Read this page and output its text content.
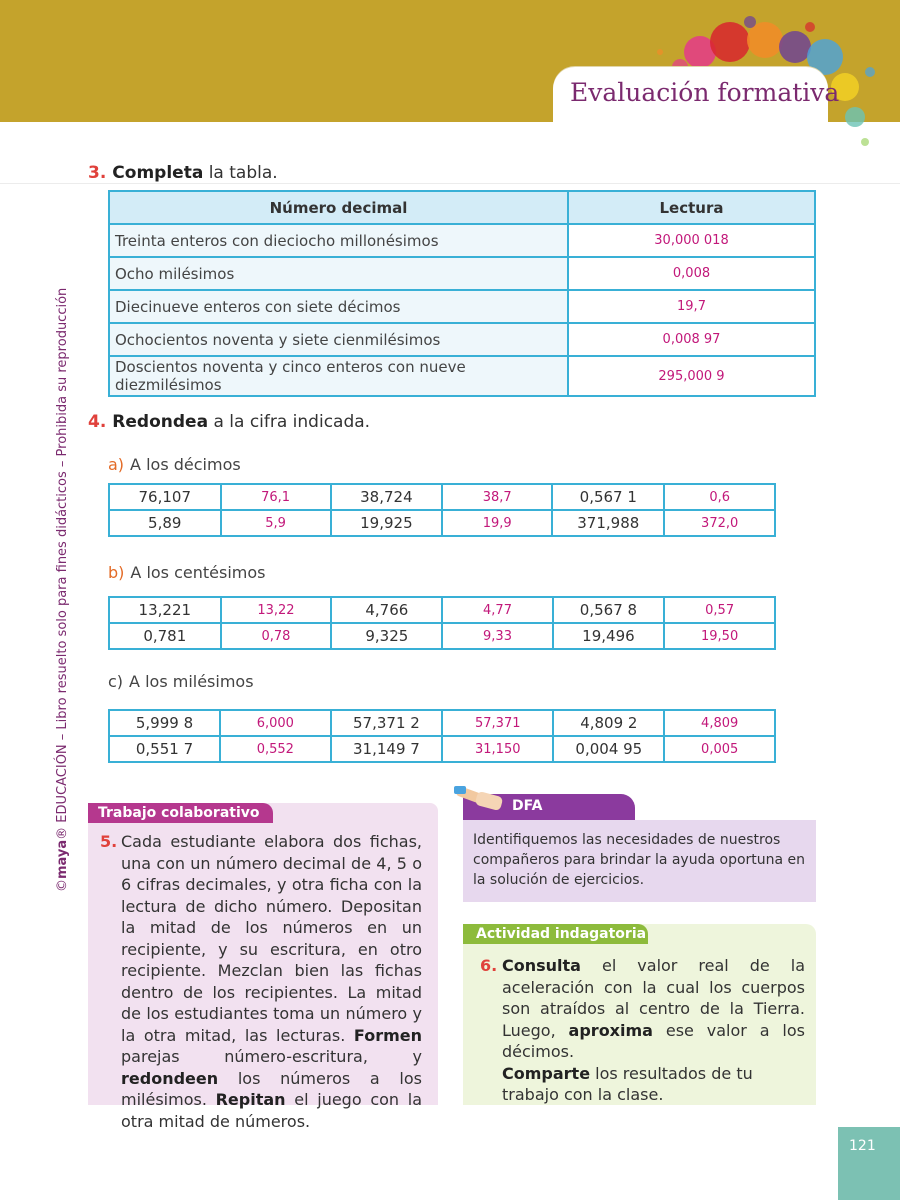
Evaluación formativa
©maya® EDUCACIÓN – Libro resuelto solo para fines didácticos – Prohibida su reproducción
3. Completa la tabla.
Número decimal	Lectura
Treinta enteros con dieciocho millonésimos	30,000 018
Ocho milésimos	0,008
Diecinueve enteros con siete décimos	19,7
Ochocientos noventa y siete cienmilésimos	0,008 97
Doscientos noventa y cinco enteros con nueve diezmilésimos	295,000 9
4. Redondea a la cifra indicada.
a) A los décimos
76,107	76,1	38,724	38,7	0,567 1	0,6
5,89	5,9	19,925	19,9	371,988	372,0
b) A los centésimos
13,221	13,22	4,766	4,77	0,567 8	0,57
0,781	0,78	9,325	9,33	19,496	19,50
c) A los milésimos
5,999 8	6,000	57,371 2	57,371	4,809 2	4,809
0,551 7	0,552	31,149 7	31,150	0,004 95	0,005
Trabajo colaborativo
5. Cada estudiante elabora dos fichas, una con un número decimal de 4, 5 o 6 cifras decimales, y otra ficha con la lectura de dicho número. Depositan la mitad de los números en un recipiente, y su escritura, en otro recipiente. Mezclan bien las fichas dentro de los recipientes. La mitad de los estudiantes toma un número y la otra mitad, las lecturas. Formen parejas número-escritura, y redondeen los números a los milésimos. Repitan el juego con la otra mitad de números.
DFA
Identifiquemos las necesidades de nuestros compañeros para brindar la ayuda oportuna en la solución de ejercicios.
Actividad indagatoria
6. Consulta el valor real de la aceleración con la cual los cuerpos son atraídos al centro de la Tierra. Luego, aproxima ese valor a los décimos.
Comparte los resultados de tu trabajo con la clase.
121
